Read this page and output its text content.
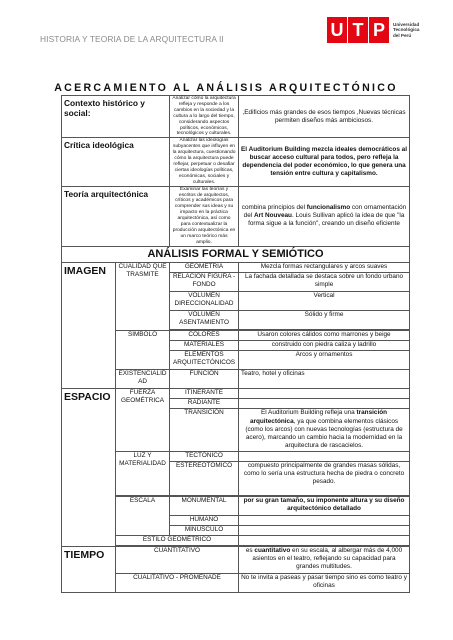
HISTORIA Y TEORIA DE LA ARQUITECTURA II	U T P	Universidad
Tecnológica
del Perú
ACERCAMIENTO AL ANÁLISIS ARQUITECTÓNICO
Contexto histórico y social:		Analizar cómo la arquitectura refleja y responde a los cambios en la sociedad y la cultura a lo largo del tiempo, considerando aspectos políticos, económicos, tecnológicos y culturales.	,Edificios más grandes de esos tiempos ,Nuevas técnicas permiten diseños más ambiciosos.
Crítica ideológica		Analizar las ideologías subyacentes que influyen en la arquitectura, cuestionando cómo la arquitectura puede reflejar, perpetuar o desafiar ciertas ideologías políticas, económicas, sociales y culturales.	El Auditorium Building mezcla ideales democráticos al buscar acceso cultural para todos, pero refleja la dependencia del poder económico, lo que genera una tensión entre cultura y capitalismo.
Teoría arquitectónica		Examinar las teorías y escritos de arquitectos, críticos y académicos para comprender sus ideas y su impacto en la práctica arquitectónica, así como para contextualizar la producción arquitectónica en un marco teórico más amplio.	combina principios del funcionalismo con ornamentación del Art Nouveau. Louis Sullivan aplicó la idea de que "la forma sigue a la función", creando un diseño eficiente
ANÁLISIS FORMAL Y SEMIÓTICO			
IMAGEN	CUALIDAD QUE TRASMITE	GEOMETRIA	Mezcla formas rectangulares y arcos suaves
		RELACION FIGURA - FONDO	La fachada detallada se destaca sobre un fondo urbano simple
		VOLUMEN DIRECCIONALIDAD	Vertical
		VOLUMEN ASENTAMIENTO	Sólido y firme

	SIMBOLO	COLORES	Usaron colores cálidos como marrones y beige
		MATERIALES	construido con piedra caliza y ladrillo
		ELEMENTOS ARQUITECTÓNICOS	Arcos y ornamentos
	EXISTENCIALIDAD	FUNCIÓN	Teatro, hotel y oficinas
ESPACIO	FUERZA GEOMÉTRICA	ITINERANTE	
		RADIANTE	
		TRANSICIÓN	El Auditorium Building refleja una transición arquitectónica, ya que combina elementos clásicos (como los arcos) con nuevas tecnologías (estructura de acero), marcando un cambio hacia la modernidad en la arquitectura de rascacielos.
	LUZ Y MATERIALIDAD	TECTÓNICO	
		ESTEREOTÓMICO	compuesto principalmente de grandes masas sólidas, como lo sería una estructura hecha de piedra o concreto pesado.

	ESCALA	MONUMENTAL	por su gran tamaño, su imponente altura y su diseño arquitectónico detallado
		HUMANO	
		MINÚSCULO	
	ESTILO GEOMÉTRICO		

TIEMPO	CUANTITATIVO		es cuantitativo en su escala, al albergar más de 4,000 asientos en el teatro, reflejando su capacidad para grandes multitudes.
	CUALITATIVO - PROMENADE		No te invita a paseas y pasar tiempo sino es como teatro y oficinas
